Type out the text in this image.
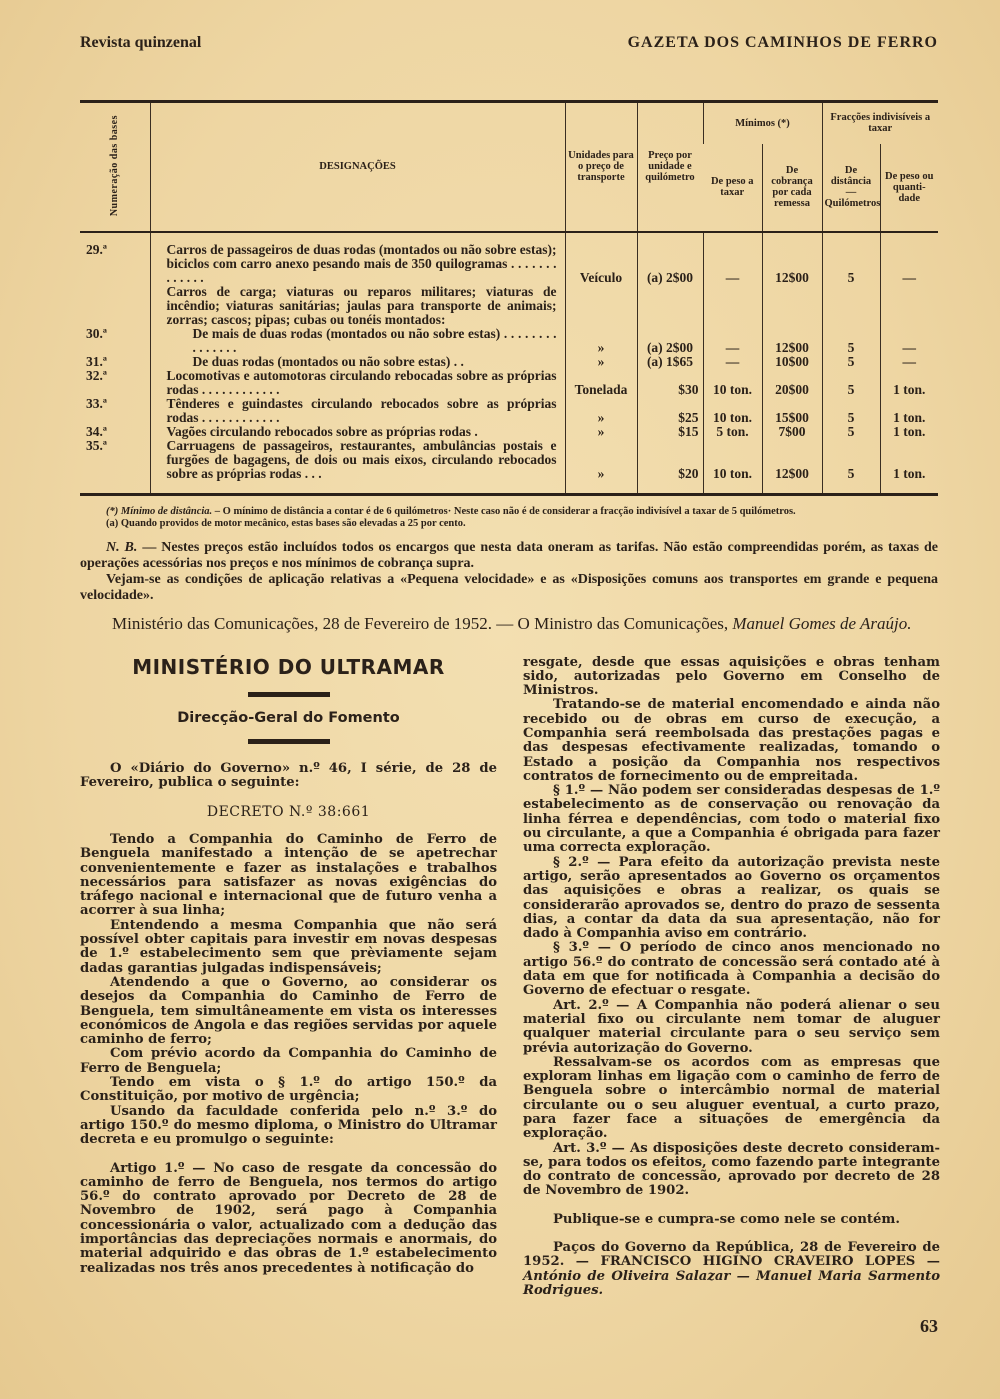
Revista quinzenal	GAZETA DOS CAMINHOS DE FERRO
Numeração das bases	DESIGNAÇÕES	Unidades para o preço de transporte	Preço por unidade e quilómetro	Mínimos (*)		Fracções indivisíveis a taxar	
				De peso a taxar	De cobrança por cada remessa	De distância — Quilómetros	De peso ou quanti-dade
29.ª	Carros de passageiros de duas rodas (montados ou não sobre estas); biciclos com carro anexo pesando mais de 350 quilogramas . . . . . . . . . . . . .	Veículo	(a) 2$00	—	12$00	5	—
	Carros de carga; viaturas ou reparos militares; viaturas de incêndio; viaturas sanitárias; jaulas para transporte de animais; zorras; cascos; pipas; cubas ou tonéis montados:						
30.ª	De mais de duas rodas (montados ou não sobre estas) . . . . . . . . . . . . . . .	»	(a) 2$00	—	12$00	5	—
31.ª	De duas rodas (montados ou não sobre estas) . .	»	(a) 1$65	—	10$00	5	—
32.ª	Locomotivas e automotoras circulando rebocadas sobre as próprias rodas . . . . . . . . . . . .	Tonelada	$30	10 ton.	20$00	5	1 ton.
33.ª	Tênderes e guindastes circulando rebocados sobre as próprias rodas . . . . . . . . . . . .	»	$25	10 ton.	15$00	5	1 ton.
34.ª	Vagões circulando rebocados sobre as próprias rodas .	»	$15	5 ton.	7$00	5	1 ton.
35.ª	Carruagens de passageiros, restaurantes, ambulâncias postais e furgões de bagagens, de dois ou mais eixos, circulando rebocados sobre as próprias rodas . . .	»	$20	10 ton.	12$00	5	1 ton.

(*) Mínimo de distância. – O mínimo de distância a contar é de 6 quilómetros· Neste caso não é de considerar a fracção indivisível a taxar de 5 quilómetros.

(a) Quando providos de motor mecânico, estas bases são elevadas a 25 por cento.

N. B. — Nestes preços estão incluídos todos os encargos que nesta data oneram as tarifas. Não estão compreendidas porém, as taxas de operações acessórias nos preços e nos mínimos de cobrança supra.

Vejam-se as condições de aplicação relativas a «Pequena velocidade» e as «Disposições comuns aos transportes em grande e pequena velocidade».

Ministério das Comunicações, 28 de Fevereiro de 1952. — O Ministro das Comunicações, Manuel Gomes de Araújo.
MINISTÉRIO DO ULTRAMAR
Direcção-Geral do Fomento

O «Diário do Governo» n.º 46, I série, de 28 de Fevereiro, publica o seguinte:

DECRETO N.º 38:661

Tendo a Companhia do Caminho de Ferro de Benguela manifestado a intenção de se apetrechar convenientemente e fazer as instalações e trabalhos necessários para satisfazer as novas exigências do tráfego nacional e internacional que de futuro venha a acorrer à sua linha;

Entendendo a mesma Companhia que não será possível obter capitais para investir em novas despesas de 1.º estabelecimento sem que prèviamente sejam dadas garantias julgadas indispensáveis;

Atendendo a que o Governo, ao considerar os desejos da Companhia do Caminho de Ferro de Benguela, tem simultâneamente em vista os interesses económicos de Angola e das regiões servidas por aquele caminho de ferro;

Com prévio acordo da Companhia do Caminho de Ferro de Benguela;

Tendo em vista o § 1.º do artigo 150.º da Constituição, por motivo de urgência;

Usando da faculdade conferida pelo n.º 3.º do artigo 150.º do mesmo diploma, o Ministro do Ultramar decreta e eu promulgo o seguinte:

Artigo 1.º — No caso de resgate da concessão do caminho de ferro de Benguela, nos termos do artigo 56.º do contrato aprovado por Decreto de 28 de Novembro de 1902, será pago à Companhia concessionária o valor, actualizado com a dedução das importâncias das depreciações normais e anormais, do material adquirido e das obras de 1.º estabelecimento realizadas nos três anos precedentes à notificação do

resgate, desde que essas aquisições e obras tenham sido, autorizadas pelo Governo em Conselho de Ministros.

Tratando-se de material encomendado e ainda não recebido ou de obras em curso de execução, a Companhia será reembolsada das prestações pagas e das despesas efectivamente realizadas, tomando o Estado a posição da Companhia nos respectivos contratos de fornecimento ou de empreitada.

§ 1.º — Não podem ser consideradas despesas de 1.º estabelecimento as de conservação ou renovação da linha férrea e dependências, com todo o material fixo ou circulante, a que a Companhia é obrigada para fazer uma correcta exploração.

§ 2.º — Para efeito da autorização prevista neste artigo, serão apresentados ao Governo os orçamentos das aquisições e obras a realizar, os quais se considerarão aprovados se, dentro do prazo de sessenta dias, a contar da data da sua apresentação, não for dado à Companhia aviso em contrário.

§ 3.º — O período de cinco anos mencionado no artigo 56.º do contrato de concessão será contado até à data em que for notificada à Companhia a decisão do Governo de efectuar o resgate.

Art. 2.º — A Companhia não poderá alienar o seu material fixo ou circulante nem tomar de aluguer qualquer material circulante para o seu serviço sem prévia autorização do Governo.

Ressalvam-se os acordos com as empresas que exploram linhas em ligação com o caminho de ferro de Benguela sobre o intercâmbio normal de material circulante ou o seu aluguer eventual, a curto prazo, para fazer face a situações de emergência da exploração.

Art. 3.º — As disposições deste decreto consideram-se, para todos os efeitos, como fazendo parte integrante do contrato de concessão, aprovado por decreto de 28 de Novembro de 1902.

Publique-se e cumpra-se como nele se contém.

Paços do Governo da República, 28 de Fevereiro de 1952. — FRANCISCO HIGINO CRAVEIRO LOPES — António de Oliveira Salazar — Manuel Maria Sarmento Rodrigues.

63
